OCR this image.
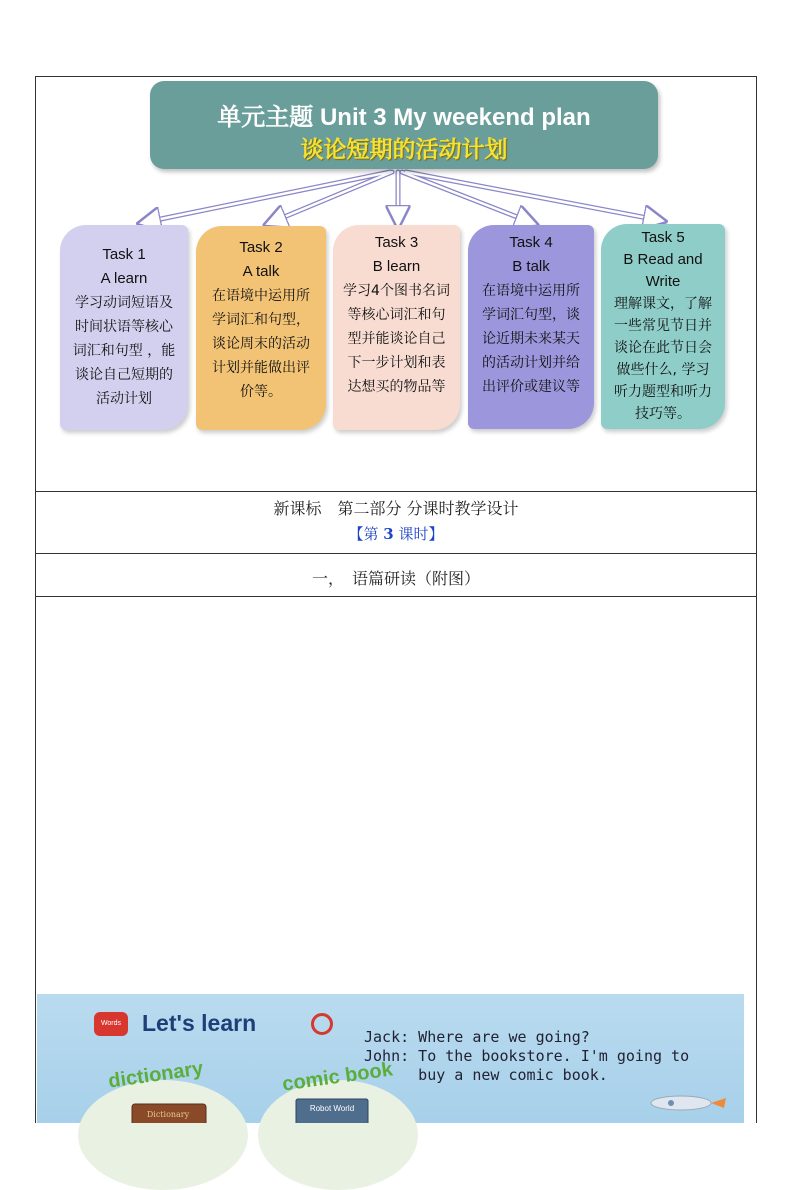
单元主题 Unit 3 My weekend plan
谈论短期的活动计划
Task 1
A learn
学习动词短语及
时间状语等核心
词汇和句型 ，能
谈论自己短期的
活动计划
Task 2
A talk
在语境中运用所
学词汇和句型，
谈论周末的活动
计划并能做出评
价等。
Task 3
B learn
学习4个图书名词
等核心词汇和句
型并能谈论自己
下一步计划和表
达想买的物品等
Task 4
B talk
在语境中运用所
学词汇句型，谈
论近期未来某天
的活动计划并给
出评价或建议等
Task 5
B Read and
Write
理解课文，了解
一些常见节日并
谈论在此节日会
做些什么, 学习
听力题型和听力
技巧等。
新课标　第二部分 分课时教学设计
【第 3 课时】
一，　语篇研读（附图）
Words Let's learn
Jack: Where are we going?
John: To the bookstore. I'm going to
buy a new comic book.
dictionary	comic book
Dictionary
Robot World
